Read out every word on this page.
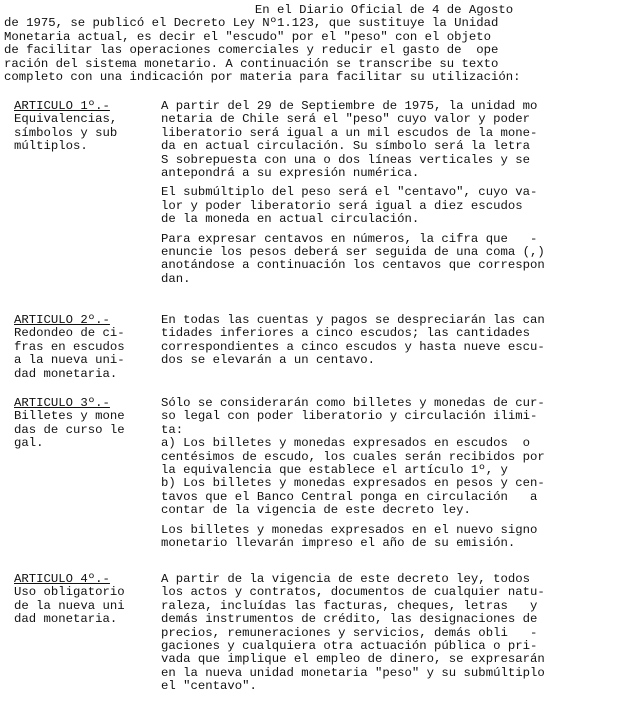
En el Diario Oficial de 4 de Agosto
de 1975, se publicó el Decreto Ley Nº1.123, que sustituye la Unidad
Monetaria actual, es decir el "escudo" por el "peso" con el objeto
de facilitar las operaciones comerciales y reducir el gasto de  ope
ración del sistema monetario. A continuación se transcribe su texto
completo con una indicación por materia para facilitar su utilización:
ARTICULO 1º.-
Equivalencias,
símbolos y sub
múltiplos.
A partir del 29 de Septiembre de 1975, la unidad mo
netaria de Chile será el "peso" cuyo valor y poder
liberatorio será igual a un mil escudos de la mone-
da en actual circulación. Su símbolo será la letra
S sobrepuesta con una o dos líneas verticales y se
antepondrá a su expresión numérica.
El submúltiplo del peso será el "centavo", cuyo va-
lor y poder liberatorio será igual a diez escudos
de la moneda en actual circulación.
Para expresar centavos en números, la cifra que   -
enuncie los pesos deberá ser seguida de una coma (,)
anotándose a continuación los centavos que correspon
dan.
ARTICULO 2º.-
Redondeo de ci-
fras en escudos
a la nueva uni-
dad monetaria.
En todas las cuentas y pagos se despreciarán las can
tidades inferiores a cinco escudos; las cantidades
correspondientes a cinco escudos y hasta nueve escu-
dos se elevarán a un centavo.
ARTICULO 3º.-
Billetes y mone
das de curso le
gal.
Sólo se considerarán como billetes y monedas de cur-
so legal con poder liberatorio y circulación ilimi-
ta:
a) Los billetes y monedas expresados en escudos  o
centésimos de escudo, los cuales serán recibidos por
la equivalencia que establece el artículo 1º, y
b) Los billetes y monedas expresados en pesos y cen-
tavos que el Banco Central ponga en circulación   a
contar de la vigencia de este decreto ley.
Los billetes y monedas expresados en el nuevo signo
monetario llevarán impreso el año de su emisión.
ARTICULO 4º.-
Uso obligatorio
de la nueva uni
dad monetaria.
A partir de la vigencia de este decreto ley, todos
los actos y contratos, documentos de cualquier natu-
raleza, incluídas las facturas, cheques, letras   y
demás instrumentos de crédito, las designaciones de
precios, remuneraciones y servicios, demás obli   -
gaciones y cualquiera otra actuación pública o pri-
vada que implique el empleo de dinero, se expresarán
en la nueva unidad monetaria "peso" y su submúltiplo
el "centavo".
